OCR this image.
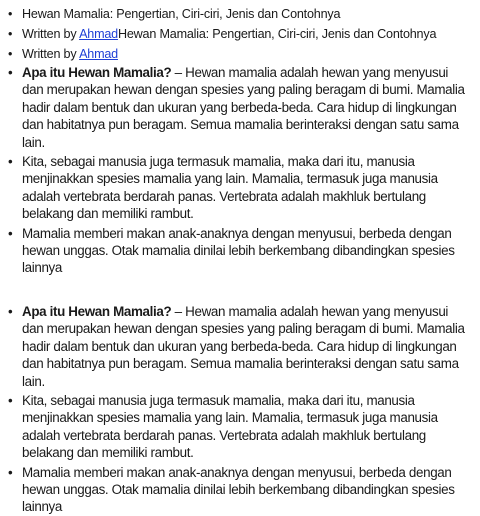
• Hewan Mamalia: Pengertian, Ciri-ciri, Jenis dan Contohnya
• Written by AhmadHewan Mamalia: Pengertian, Ciri-ciri, Jenis dan Contohnya
• Written by Ahmad
• Apa itu Hewan Mamalia? – Hewan mamalia adalah hewan yang menyusui dan merupakan hewan dengan spesies yang paling beragam di bumi. Mamalia hadir dalam bentuk dan ukuran yang berbeda-beda. Cara hidup di lingkungan dan habitatnya pun beragam. Semua mamalia berinteraksi dengan satu sama lain.
• Kita, sebagai manusia juga termasuk mamalia, maka dari itu, manusia menjinakkan spesies mamalia yang lain. Mamalia, termasuk juga manusia adalah vertebrata berdarah panas. Vertebrata adalah makhluk bertulang belakang dan memiliki rambut.
• Mamalia memberi makan anak-anaknya dengan menyusui, berbeda dengan hewan unggas. Otak mamalia dinilai lebih berkembang dibandingkan spesies lainnya
• Apa itu Hewan Mamalia? – Hewan mamalia adalah hewan yang menyusui dan merupakan hewan dengan spesies yang paling beragam di bumi. Mamalia hadir dalam bentuk dan ukuran yang berbeda-beda. Cara hidup di lingkungan dan habitatnya pun beragam. Semua mamalia berinteraksi dengan satu sama lain.
• Kita, sebagai manusia juga termasuk mamalia, maka dari itu, manusia menjinakkan spesies mamalia yang lain. Mamalia, termasuk juga manusia adalah vertebrata berdarah panas. Vertebrata adalah makhluk bertulang belakang dan memiliki rambut.
• Mamalia memberi makan anak-anaknya dengan menyusui, berbeda dengan hewan unggas. Otak mamalia dinilai lebih berkembang dibandingkan spesies lainnya
